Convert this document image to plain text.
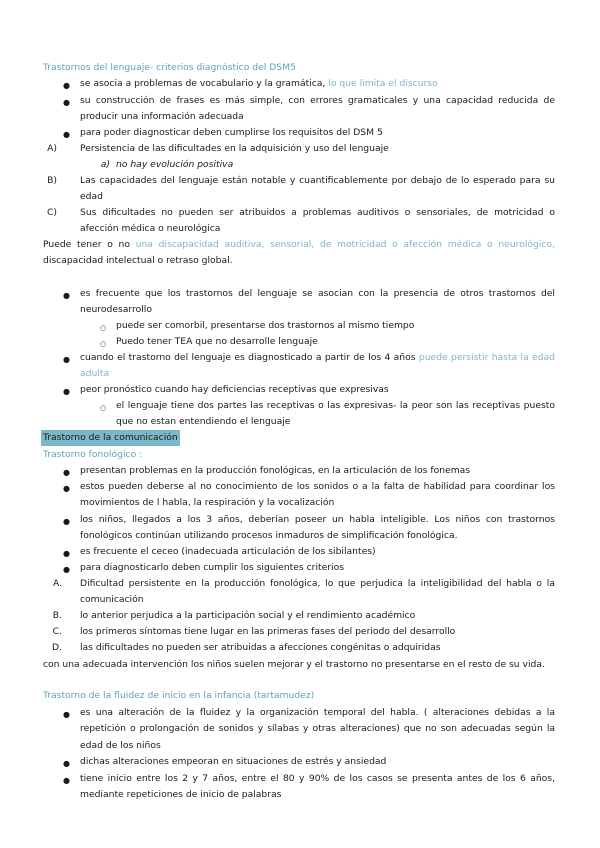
Trastornos del lenguaje- criterios diagnóstico del DSM5
● se asocia a problemas de vocabulario y la gramática, lo que limita el discurso
● su construcción de frases es más simple, con errores gramaticales y una capacidad reducida de producir una información adecuada
● para poder diagnosticar deben cumplirse los requisitos del DSM 5
A)	Persistencia de las dificultades en la adquisición y uso del lenguaje
a) no hay evolución positiva
B)	Las capacidades del lenguaje están notable y cuantificablemente por debajo de lo esperado para su edad
C)	Sus dificultades no pueden ser atribuidos a problemas auditivos o sensoriales, de motricidad o afección médica o neurológica
Puede tener o no una discapacidad auditiva, sensorial, de motricidad o afección médica o neurológico, discapacidad intelectual o retraso global.
● es frecuente que los trastornos del lenguaje se asocian con la presencia de otros trastornos del neurodesarrollo
○ puede ser comorbil, presentarse dos trastornos al mismo tiempo
○ Puedo tener TEA que no desarrolle lenguaje
● cuando el trastorno del lenguaje es diagnosticado a partir de los 4 años puede persistir hasta la edad adulta
● peor pronóstico cuando hay deficiencias receptivas que expresivas
○ el lenguaje tiene dos partes las receptivas o las expresivas- la peor son las receptivas puesto que no estan entendiendo el lenguaje
Trastorno de la comunicación
Trastorno fonológico :
● presentan problemas en la producción fonológicas, en la articulación de los fonemas
● estos pueden deberse al no conocimiento de los sonidos o a la falta de habilidad para coordinar los movimientos de l habla, la respiración y la vocalización
● los niños, llegados a los 3 años, deberían poseer un habla inteligible. Los niños con trastornos fonológicos continúan utilizando procesos inmaduros de simplificación fonológica.
● es frecuente el ceceo (inadecuada articulación de los sibilantes)
● para diagnosticarlo deben cumplir los siguientes criterios
A. Dificultad persistente en la producción fonológica, lo que perjudica la inteligibilidad del habla o la comunicación
B. lo anterior perjudica a la participación social y el rendimiento académico
C. los primeros síntomas tiene lugar en las primeras fases del periodo del desarrollo
D. las dificultades no pueden ser atribuidas a afecciones congénitas o adquiridas
con una adecuada intervención los niños suelen mejorar y el trastorno no presentarse en el resto de su vida.
Trastorno de la fluidez de inicio en la infancia (tartamudez)
● es una alteración de la fluidez y la organización temporal del habla. ( alteraciones debidas a la repetición o prolongación de sonidos y sílabas y otras alteraciones) que no son adecuadas según la edad de los niños
● dichas alteraciones empeoran en situaciones de estrés y ansiedad
● tiene inicio entre los 2 y 7 años, entre el 80 y 90% de los casos se presenta antes de los 6 años, mediante repeticiones de inicio de palabras
